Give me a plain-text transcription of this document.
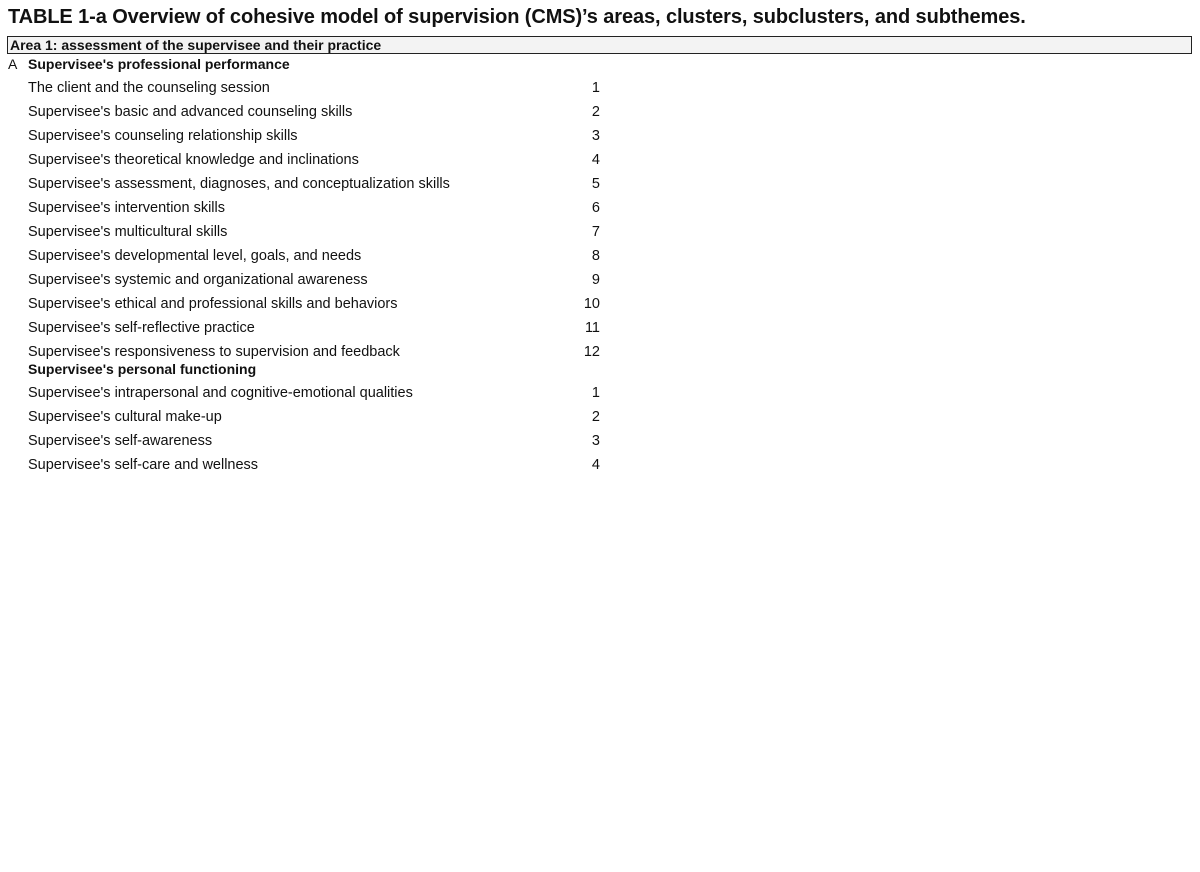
TABLE 1-a Overview of cohesive model of supervision (CMS)’s areas, clusters, subclusters, and subthemes.
Area 1: assessment of the supervisee and their practice
A Supervisee's professional performance
The client and the counseling session	1
Supervisee's basic and advanced counseling skills	2
Supervisee's counseling relationship skills	3
Supervisee's theoretical knowledge and inclinations	4
Supervisee's assessment, diagnoses, and conceptualization skills	5
Supervisee's intervention skills	6
Supervisee's multicultural skills	7
Supervisee's developmental level, goals, and needs	8
Supervisee's systemic and organizational awareness	9
Supervisee's ethical and professional skills and behaviors	10
Supervisee's self-reflective practice	11
Supervisee's responsiveness to supervision and feedback	12
Supervisee's personal functioning
Supervisee's intrapersonal and cognitive-emotional qualities	1
Supervisee's cultural make-up	2
Supervisee's self-awareness	3
Supervisee's self-care and wellness	4
